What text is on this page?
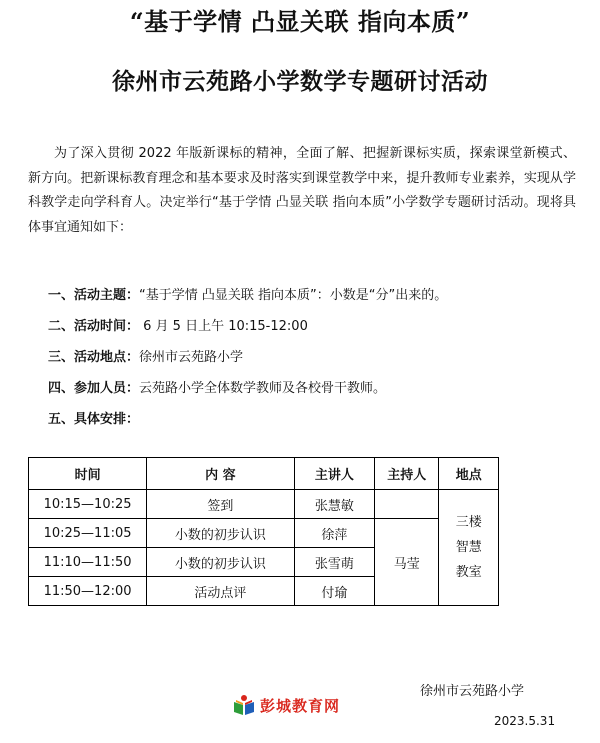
“基于学情 凸显关联 指向本质”
徐州市云苑路小学数学专题研讨活动
为了深入贯彻 2022 年版新课标的精神，全面了解、把握新课标实质，探索课堂新模式、新方向。把新课标教育理念和基本要求及时落实到课堂教学中来，提升教师专业素养，实现从学科教学走向学科育人。决定举行“基于学情 凸显关联 指向本质”小学数学专题研讨活动。现将具体事宜通知如下：
一、活动主题：“基于学情 凸显关联 指向本质”：小数是“分”出来的。
二、活动时间： 6 月 5 日上午 10:15-12:00
三、活动地点：徐州市云苑路小学
四、参加人员：云苑路小学全体数学教师及各校骨干教师。
五、具体安排：
时间	内 容	主讲人	主持人	地点
10:15—10:25	签到	张慧敏		三楼
智慧
教室

10:25—11:05	小数的初步认识	徐萍	马莹	
11:10—11:50	小数的初步认识	张雪萌		
11:50—12:00	活动点评	付瑜		
徐州市云苑路小学
2023.5.31
彭城教育网
